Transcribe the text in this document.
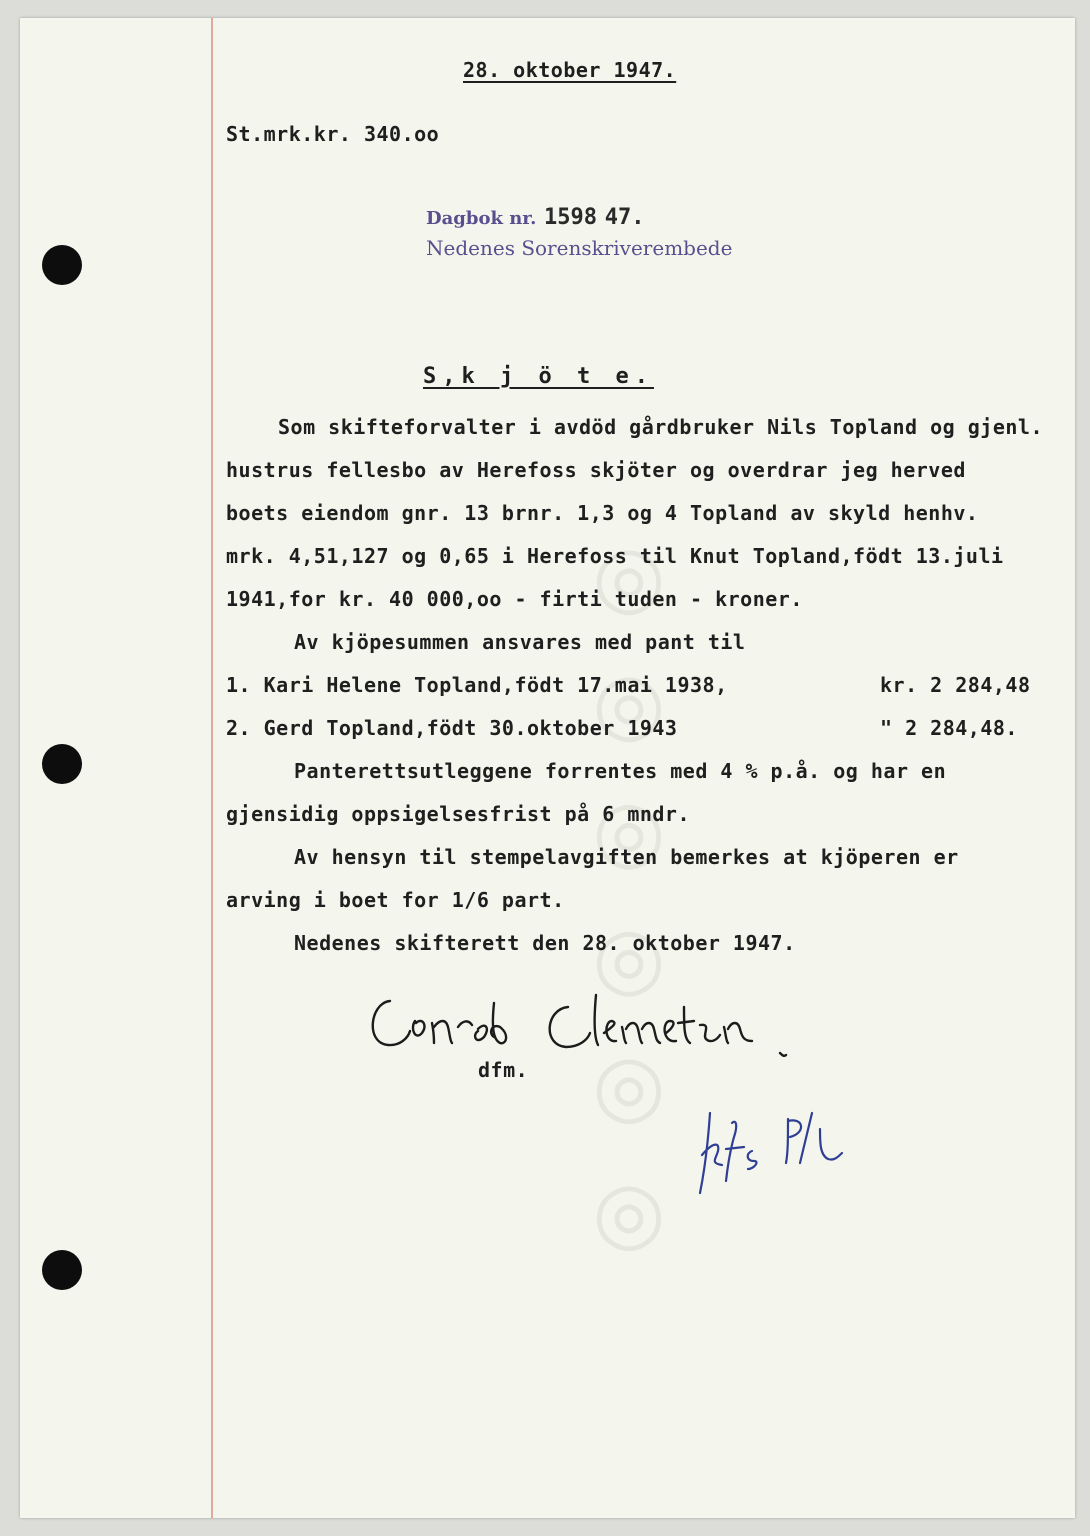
◎ ◎ ◎ ◎ ◎ ◎
28. oktober 1947.
St.mrk.kr. 340.oo
Dagbok nr. 1598 47.
Nedenes Sorenskriverembede
S,k j ö t e.
Som skifteforvalter i avdöd gårdbruker Nils Topland og gjenl.
hustrus fellesbo av Herefoss skjöter og overdrar jeg herved
boets eiendom gnr. 13 brnr. 1,3 og 4 Topland av skyld henhv.
mrk. 4,51,127 og 0,65 i Herefoss til Knut Topland,födt 13.juli
1941,for kr. 40 000,oo - firti tuden - kroner.
Av kjöpesummen ansvares med pant til
1. Kari Helene Topland,födt 17.mai 1938,	kr. 2 284,48
2. Gerd Topland,födt 30.oktober 1943	" 2 284,48.
Panterettsutleggene forrentes med 4 % p.å. og har en
gjensidig oppsigelsesfrist på 6 mndr.
Av hensyn til stempelavgiften bemerkes at kjöperen er
arving i boet for 1/6 part.
Nedenes skifterett den 28. oktober 1947.
dfm.
